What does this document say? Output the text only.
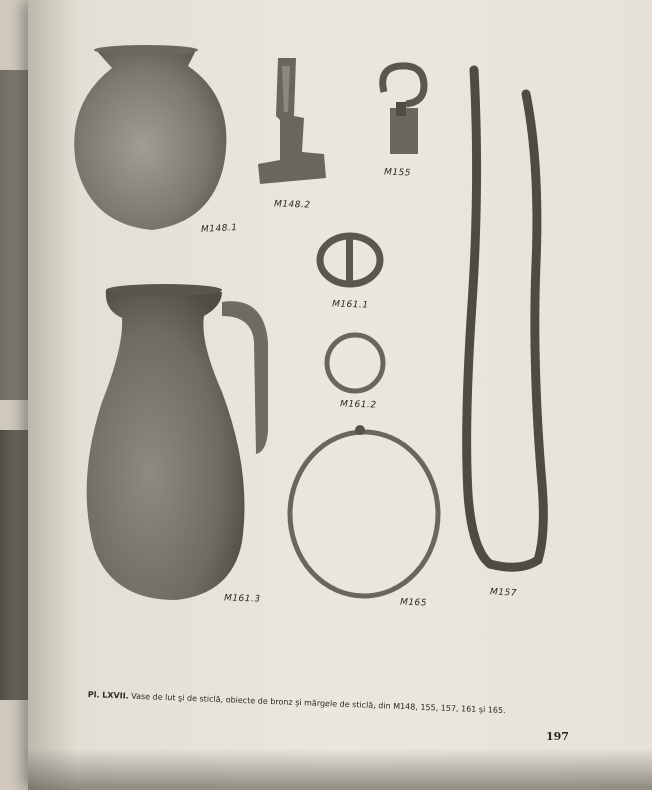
M148.1
M148.2
M155
M161.1
M161.2
M161.3	M165
M157
Pl. LXVII. Vase de lut şi de sticlă, obiecte de bronz şi mărgele de sticlă, din M148, 155, 157, 161 şi 165.
197
